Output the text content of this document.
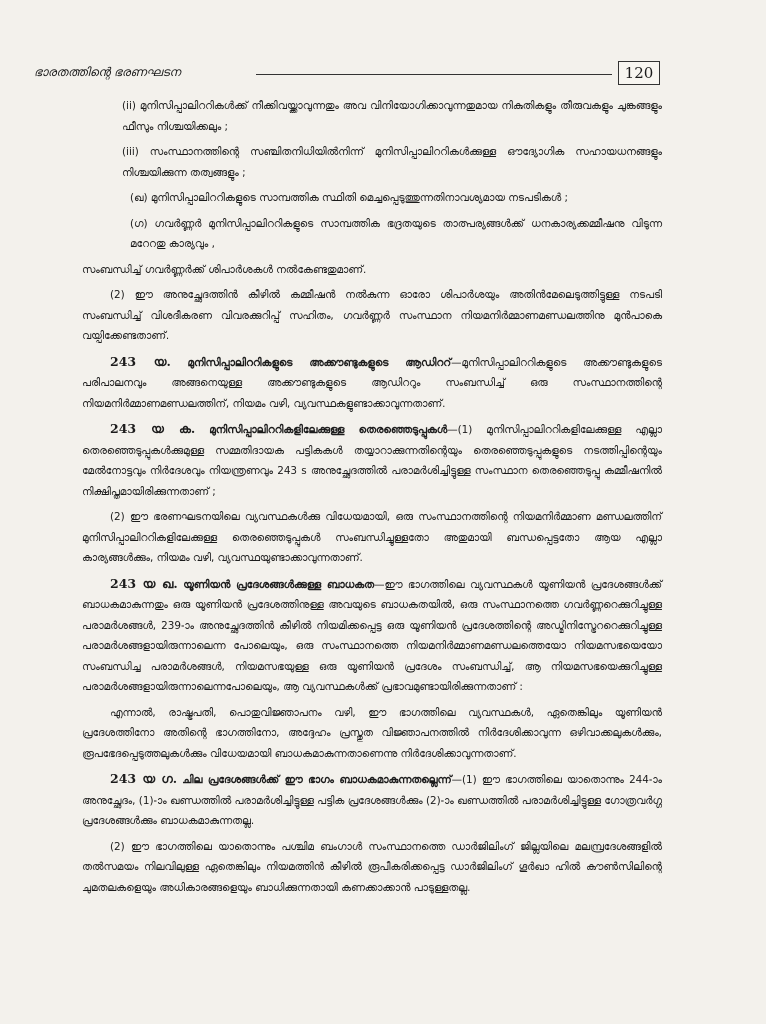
ഭാരതത്തിന്റെ ഭരണഘടന	120

(ii) മുനിസിപ്പാലിററികൾക്ക് നീക്കിവയ്ക്കാവുന്നതും അവ വിനിയോഗിക്കാവുന്നതുമായ നികുതികളും തീരുവകളും ചുങ്കങ്ങളും ഫീസും നിശ്ചയിക്കലും ;

(iii) സംസ്ഥാനത്തിന്റെ സഞ്ചിതനിധിയിൽനിന്ന് മുനിസിപ്പാലിററികൾക്കുള്ള ഔദ്യോഗിക സഹായധനങ്ങളും നിശ്ചയിക്കുന്ന തത്വങ്ങളും ;

(ഖ) മുനിസിപ്പാലിററികളുടെ സാമ്പത്തിക സ്ഥിതി മെച്ചപ്പെടുത്തുന്നതിനാവശ്യമായ നടപടികൾ ;

(ഗ) ഗവർണ്ണർ മുനിസിപ്പാലിററികളുടെ സാമ്പത്തിക ഭദ്രതയുടെ താത്പര്യങ്ങൾക്ക് ധനകാര്യക്കമ്മീഷനു വിടുന്ന മറേറതു കാര്യവും ,

സംബന്ധിച്ച് ഗവർണ്ണർക്ക് ശിപാർശകൾ നൽകേണ്ടതുമാണ്.

(2) ഈ അനുച്ഛേദത്തിൻ കീഴിൽ കമ്മീഷൻ നൽകുന്ന ഓരോ ശിപാർശയും അതിൻമേലെടുത്തിട്ടുള്ള നടപടി സംബന്ധിച്ച് വിശദീകരണ വിവരക്കുറിപ്പ് സഹിതം, ഗവർണ്ണർ സംസ്ഥാന നിയമനിർമ്മാണമണ്ഡലത്തിനു മുൻപാകെ വയ്പിക്കേണ്ടതാണ്.

243 യ. മുനിസിപ്പാലിററികളുടെ അക്കൗണ്ടുകളുടെ ആഡിററ്—മുനിസിപ്പാലിററികളുടെ അക്കൗണ്ടുകളുടെ പരിപാലനവും അങ്ങനെയുള്ള അക്കൗണ്ടുകളുടെ ആഡിററും സംബന്ധിച്ച് ഒരു സംസ്ഥാനത്തിന്റെ നിയമനിർമ്മാണമണ്ഡലത്തിന്, നിയമം വഴി, വ്യവസ്ഥകളുണ്ടാക്കാവുന്നതാണ്.

243 യ ക. മുനിസിപ്പാലിററികളിലേക്കുള്ള തെരഞ്ഞെടുപ്പുകൾ—(1) മുനിസിപ്പാലിററികളിലേക്കുള്ള എല്ലാ തെരഞ്ഞെടുപ്പുകൾക്കുമുള്ള സമ്മതിദായക പട്ടികകൾ തയ്യാറാക്കുന്നതിന്റെയും തെരഞ്ഞെടുപ്പുകളുടെ നടത്തിപ്പിന്റെയും മേൽനോട്ടവും നിർദേശവും നിയന്ത്രണവും 243 s അനുച്ഛേദത്തിൽ പരാമർശിച്ചിട്ടുള്ള സംസ്ഥാന തെരഞ്ഞെടുപ്പു കമ്മീഷനിൽ നിക്ഷിപ്തമായിരിക്കുന്നതാണ് ;

(2) ഈ ഭരണഘടനയിലെ വ്യവസ്ഥകൾക്കു വിധേയമായി, ഒരു സംസ്ഥാനത്തിന്റെ നിയമനിർമ്മാണ മണ്ഡലത്തിന് മുനിസിപ്പാലിററികളിലേക്കുള്ള തെരഞ്ഞെടുപ്പുകൾ സംബന്ധിച്ചുള്ളതോ അതുമായി ബന്ധപ്പെട്ടതോ ആയ എല്ലാ കാര്യങ്ങൾക്കും, നിയമം വഴി, വ്യവസ്ഥയുണ്ടാക്കാവുന്നതാണ്.

243 യ ഖ. യൂണിയൻ പ്രദേശങ്ങൾക്കുള്ള ബാധകത—ഈ ഭാഗത്തിലെ വ്യവസ്ഥകൾ യൂണിയൻ പ്രദേശങ്ങൾക്ക് ബാധകമാകുന്നതും ഒരു യൂണിയൻ പ്രദേശത്തിനുള്ള അവയുടെ ബാധകതയിൽ, ഒരു സംസ്ഥാനത്തെ ഗവർണ്ണറെക്കുറിച്ചുള്ള പരാമർശങ്ങൾ, 239-ാം അനുച്ഛേദത്തിൻ കീഴിൽ നിയമിക്കപ്പെട്ട ഒരു യൂണിയൻ പ്രദേശത്തിന്റെ അഡ്മിനിസ്ട്രേററെക്കുറിച്ചുള്ള പരാമർശങ്ങളായിരുന്നാലെന്ന പോലെയും, ഒരു സംസ്ഥാനത്തെ നിയമനിർമ്മാണമണ്ഡലത്തെയോ നിയമസഭയെയോ സംബന്ധിച്ച പരാമർശങ്ങൾ, നിയമസഭയുള്ള ഒരു യൂണിയൻ പ്രദേശം സംബന്ധിച്ച്, ആ നിയമസഭയെക്കുറിച്ചുള്ള പരാമർശങ്ങളായിരുന്നാലെന്നപോലെയും, ആ വ്യവസ്ഥകൾക്ക് പ്രഭാവമുണ്ടായിരിക്കുന്നതാണ് :

എന്നാൽ, രാഷ്ട്രപതി, പൊതുവിജ്ഞാപനം വഴി, ഈ ഭാഗത്തിലെ വ്യവസ്ഥകൾ, ഏതെങ്കിലും യൂണിയൻ പ്രദേശത്തിനോ അതിന്റെ ഭാഗത്തിനോ, അദ്ദേഹം പ്രസ്തുത വിജ്ഞാപനത്തിൽ നിർദേശിക്കാവുന്ന ഒഴിവാക്കലുകൾക്കും, രൂപഭേദപ്പെടുത്തലുകൾക്കും വിധേയമായി ബാധകമാകുന്നതാണെന്നു നിർദേശിക്കാവുന്നതാണ്.

243 യ ഗ. ചില പ്രദേശങ്ങൾക്ക് ഈ ഭാഗം ബാധകമാകുന്നതല്ലെന്ന്—(1) ഈ ഭാഗത്തിലെ യാതൊന്നും 244-ാം അനുച്ഛേദം, (1)-ാം ഖണ്ഡത്തിൽ പരാമർശിച്ചിട്ടുള്ള പട്ടിക പ്രദേശങ്ങൾക്കും (2)-ാം ഖണ്ഡത്തിൽ പരാമർശിച്ചിട്ടുള്ള ഗോത്രവർഗ്ഗ പ്രദേശങ്ങൾക്കും ബാധകമാകുന്നതല്ല.

(2) ഈ ഭാഗത്തിലെ യാതൊന്നും പശ്ചിമ ബംഗാൾ സംസ്ഥാനത്തെ ഡാർജിലിംഗ് ജില്ലയിലെ മലമ്പ്രദേശങ്ങളിൽ തൽസമയം നിലവിലുള്ള ഏതെങ്കിലും നിയമത്തിൻ കീഴിൽ രൂപീകരിക്കപ്പെട്ട ഡാർജിലിംഗ് ഗൂർഖാ ഹിൽ കൗൺസിലിന്റെ ചുമതലകളെയും അധികാരങ്ങളെയും ബാധിക്കുന്നതായി കണക്കാക്കാൻ പാടുള്ളതല്ല.
